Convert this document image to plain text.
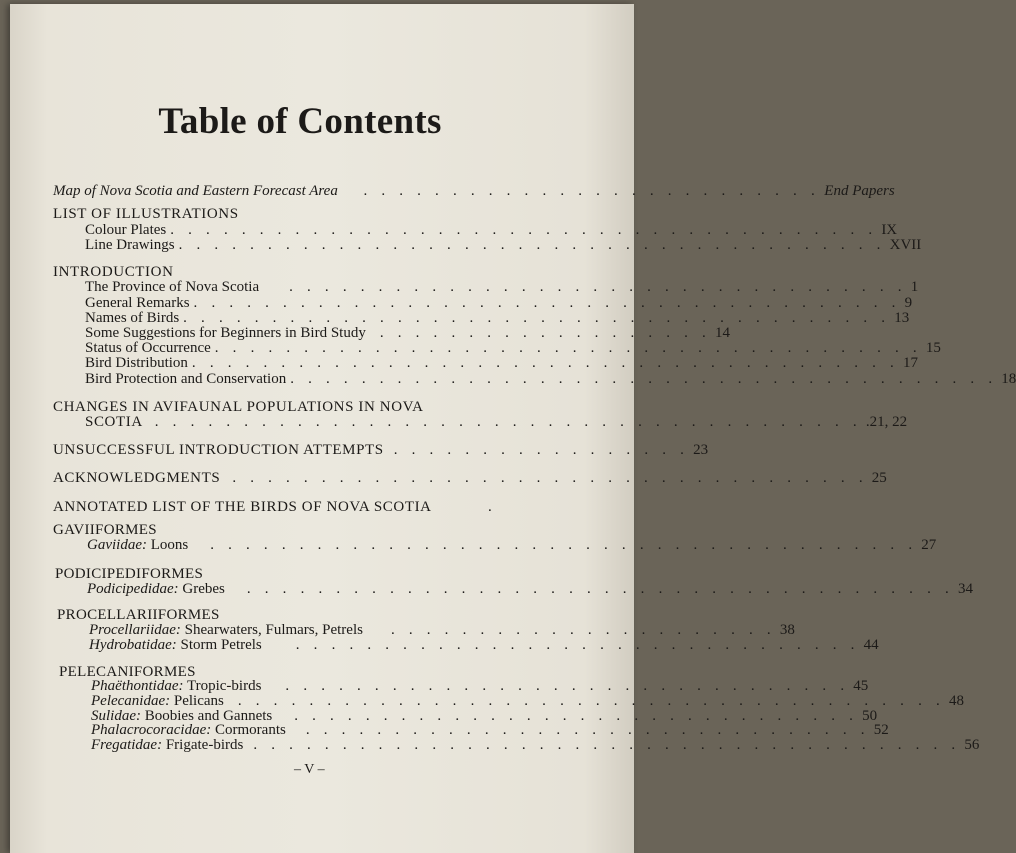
Table of Contents
Map of Nova Scotia and Eastern Forecast Area	. . . . . . . . . . . . . . . . . . . . . . . . . . End Papers
LIST OF ILLUSTRATIONS
Colour Plates . . . . . . . . . . . . . . . . . . . . . . . . . . . . . . . . . . . . . . . . IX
Line Drawings . . . . . . . . . . . . . . . . . . . . . . . . . . . . . . . . . . . . . . . . XVII
INTRODUCTION
The Province of Nova Scotia	. . . . . . . . . . . . . . . . . . . . . . . . . . . . . . . . . . . 1
General Remarks . . . . . . . . . . . . . . . . . . . . . . . . . . . . . . . . . . . . . . . . 9
Names of Birds . . . . . . . . . . . . . . . . . . . . . . . . . . . . . . . . . . . . . . . . 13
Some Suggestions for Beginners in Bird Study . . . . . . . . . . . . . . . . . . . 14
Status of Occurrence . . . . . . . . . . . . . . . . . . . . . . . . . . . . . . . . . . . . . . . . 15
Bird Distribution . . . . . . . . . . . . . . . . . . . . . . . . . . . . . . . . . . . . . . . . 17
Bird Protection and Conservation . . . . . . . . . . . . . . . . . . . . . . . . . . . . . . . . . . . . . . . . 18
CHANGES IN AVIFAUNAL POPULATIONS IN NOVA
SCOTIA . . . . . . . . . . . . . . . . . . . . . . . . . . . . . . . . . . . . . . . . .21, 22
UNSUCCESSFUL INTRODUCTION ATTEMPTS . . . . . . . . . . . . . . . . . 23
ACKNOWLEDGMENTS . . . . . . . . . . . . . . . . . . . . . . . . . . . . . . . . . . . . 25
ANNOTATED LIST OF THE BIRDS OF NOVA SCOTIA	.
GAVIIFORMES
Gaviidae: Loons	. . . . . . . . . . . . . . . . . . . . . . . . . . . . . . . . . . . . . . . . 27
PODICIPEDIFORMES
Podicipedidae: Grebes	. . . . . . . . . . . . . . . . . . . . . . . . . . . . . . . . . . . . . . . . 34
PROCELLARIIFORMES
Procellariidae: Shearwaters, Fulmars, Petrels	. . . . . . . . . . . . . . . . . . . . . . 38
Hydrobatidae: Storm Petrels	. . . . . . . . . . . . . . . . . . . . . . . . . . . . . . . . 44
PELECANIFORMES
Phaëthontidae: Tropic-birds	. . . . . . . . . . . . . . . . . . . . . . . . . . . . . . . . 45
Pelecanidae: Pelicans . . . . . . . . . . . . . . . . . . . . . . . . . . . . . . . . . . . . . . . . 48
Sulidae: Boobies and Gannets	. . . . . . . . . . . . . . . . . . . . . . . . . . . . . . . . 50
Phalacrocoracidae: Cormorants	. . . . . . . . . . . . . . . . . . . . . . . . . . . . . . . . 52
Fregatidae: Frigate-birds . . . . . . . . . . . . . . . . . . . . . . . . . . . . . . . . . . . . . . . . 56
– V –
